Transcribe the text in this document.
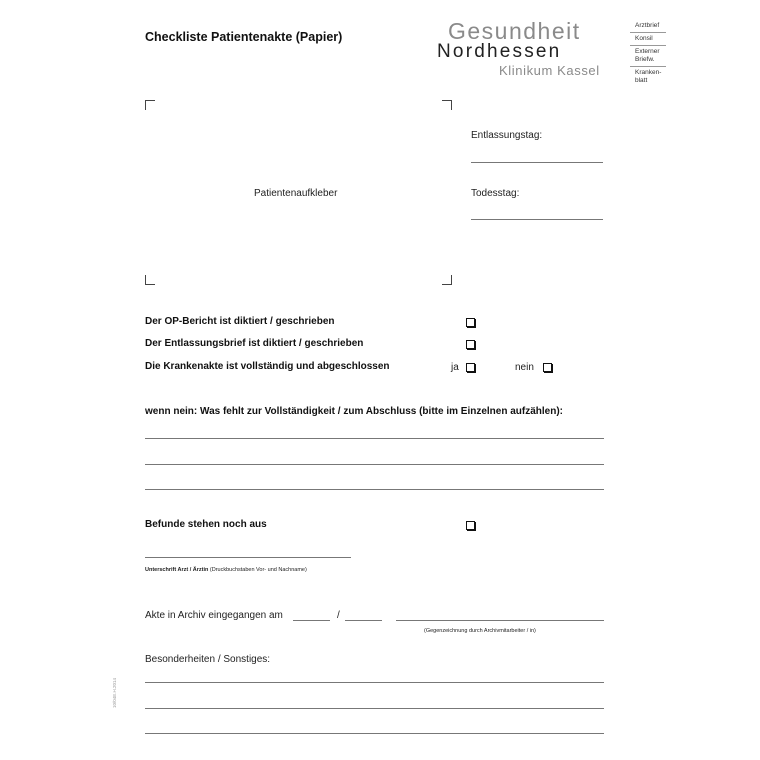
Checkliste Patientenakte (Papier)	Gesundheit
Nordhessen
Klinikum Kassel
Arztbrief
Konsil
Externer Briefw.
Kranken-blatt
Patientenaufkleber
Entlassungstag:
Todesstag:
Der OP-Bericht ist diktiert / geschrieben
Der Entlassungsbrief ist diktiert / geschrieben
Die Krankenakte ist vollständig und abgeschlossen	ja	nein
wenn nein: Was fehlt zur Vollständigkeit / zum Abschluss (bitte im Einzelnen aufzählen):
Befunde stehen noch aus
Unterschrift Arzt / Ärztin (Druckbuchstaben Vor- und Nachname)
Akte in Archiv eingegangen am	/
(Gegenzeichnung durch Archivmitarbeiter / in)
Besonderheiten / Sonstiges:
10/04E.H.2014
